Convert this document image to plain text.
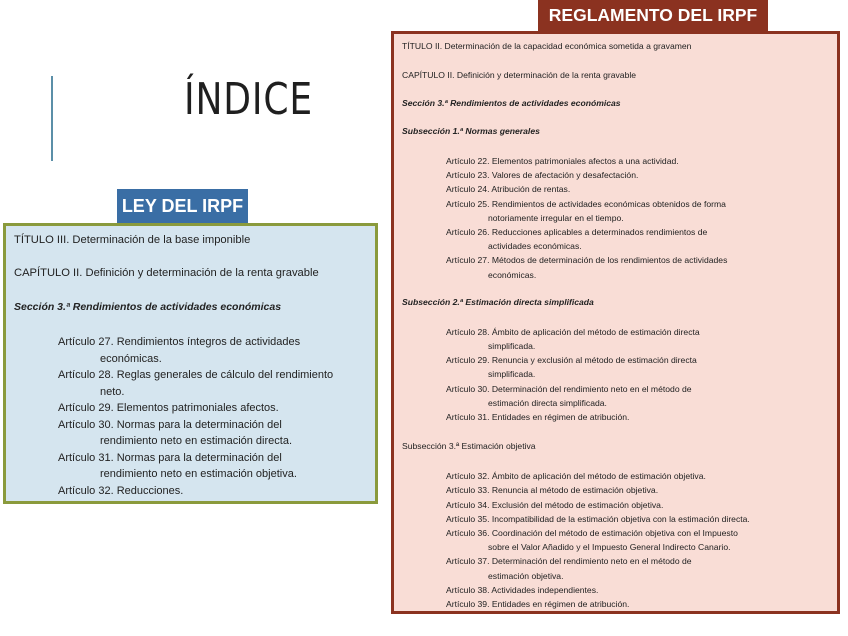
ÍNDICE
LEY DEL IRPF

TÍTULO III. Determinación de la base imponible

CAPÍTULO II. Definición y determinación de la renta gravable

Sección 3.ª Rendimientos de actividades económicas

Artículo 27. Rendimientos íntegros de actividades
económicas.
Artículo 28. Reglas generales de cálculo del rendimiento
neto.
Artículo 29. Elementos patrimoniales afectos.
Artículo 30. Normas para la determinación del
rendimiento neto en estimación directa.
Artículo 31. Normas para la determinación del
rendimiento neto en estimación objetiva.
Artículo 32. Reducciones.
REGLAMENTO DEL IRPF

TÍTULO II. Determinación de la capacidad económica sometida a gravamen

CAPÍTULO II. Definición y determinación de la renta gravable

Sección 3.ª Rendimientos de actividades económicas

Subsección 1.ª Normas generales

Artículo 22. Elementos patrimoniales afectos a una actividad.
Artículo 23. Valores de afectación y desafectación.
Artículo 24. Atribución de rentas.
Artículo 25. Rendimientos de actividades económicas obtenidos de forma
notoriamente irregular en el tiempo.
Artículo 26. Reducciones aplicables a determinados rendimientos de
actividades económicas.
Artículo 27. Métodos de determinación de los rendimientos de actividades
económicas.

Subsección 2.ª Estimación directa simplificada

Artículo 28. Ámbito de aplicación del método de estimación directa
simplificada.
Artículo 29. Renuncia y exclusión al método de estimación directa
simplificada.
Artículo 30. Determinación del rendimiento neto en el método de
estimación directa simplificada.
Artículo 31. Entidades en régimen de atribución.

Subsección 3.ª Estimación objetiva

Artículo 32. Ámbito de aplicación del método de estimación objetiva.
Artículo 33. Renuncia al método de estimación objetiva.
Artículo 34. Exclusión del método de estimación objetiva.
Artículo 35. Incompatibilidad de la estimación objetiva con la estimación directa.
Artículo 36. Coordinación del método de estimación objetiva con el Impuesto
sobre el Valor Añadido y el Impuesto General Indirecto Canario.
Artículo 37. Determinación del rendimiento neto en el método de
estimación objetiva.
Artículo 38. Actividades independientes.
Artículo 39. Entidades en régimen de atribución.
